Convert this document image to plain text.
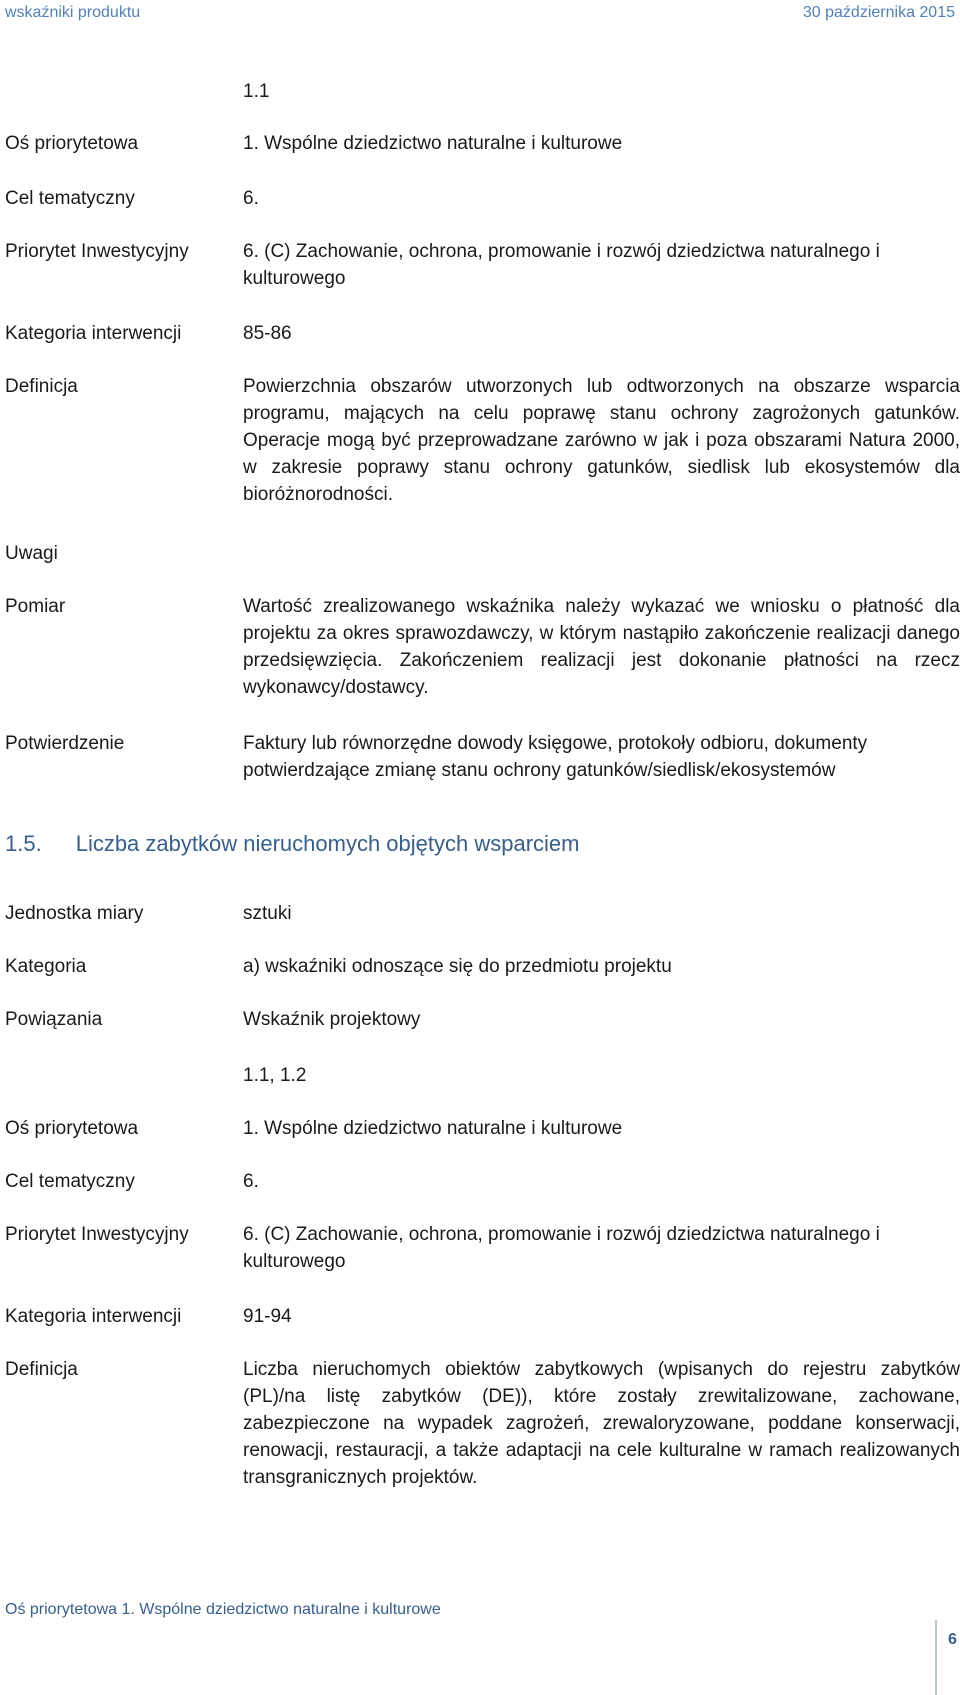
wskaźniki produktu	30 października 2015
1.1
Oś priorytetowa	1. Wspólne dziedzictwo naturalne i kulturowe
Cel tematyczny	6.
Priorytet Inwestycyjny	6. (C) Zachowanie, ochrona, promowanie i rozwój dziedzictwa naturalnego i kulturowego
Kategoria interwencji	85-86
Definicja	Powierzchnia obszarów utworzonych lub odtworzonych na obszarze wsparcia programu, mających na celu poprawę stanu ochrony zagrożonych gatunków. Operacje mogą być przeprowadzane zarówno w jak i poza obszarami Natura 2000, w zakresie poprawy stanu ochrony gatunków, siedlisk lub ekosystemów dla bioróżnorodności.
Uwagi
Pomiar	Wartość zrealizowanego wskaźnika należy wykazać we wniosku o płatność dla projektu za okres sprawozdawczy, w którym nastąpiło zakończenie realizacji danego przedsięwzięcia. Zakończeniem realizacji jest dokonanie płatności na rzecz wykonawcy/dostawcy.
Potwierdzenie	Faktury lub równorzędne dowody księgowe, protokoły odbioru, dokumenty potwierdzające zmianę stanu ochrony gatunków/siedlisk/ekosystemów
1.5. Liczba zabytków nieruchomych objętych wsparciem
Jednostka miary	sztuki
Kategoria	a) wskaźniki odnoszące się do przedmiotu projektu
Powiązania	Wskaźnik projektowy
1.1, 1.2
Oś priorytetowa	1. Wspólne dziedzictwo naturalne i kulturowe
Cel tematyczny	6.
Priorytet Inwestycyjny	6. (C) Zachowanie, ochrona, promowanie i rozwój dziedzictwa naturalnego i kulturowego
Kategoria interwencji	91-94
Definicja	Liczba nieruchomych obiektów zabytkowych (wpisanych do rejestru zabytków (PL)/na listę zabytków (DE)), które zostały zrewitalizowane, zachowane, zabezpieczone na wypadek zagrożeń, zrewaloryzowane, poddane konserwacji, renowacji, restauracji, a także adaptacji na cele kulturalne w ramach realizowanych transgranicznych projektów.
Oś priorytetowa 1. Wspólne dziedzictwo naturalne i kulturowe
6
